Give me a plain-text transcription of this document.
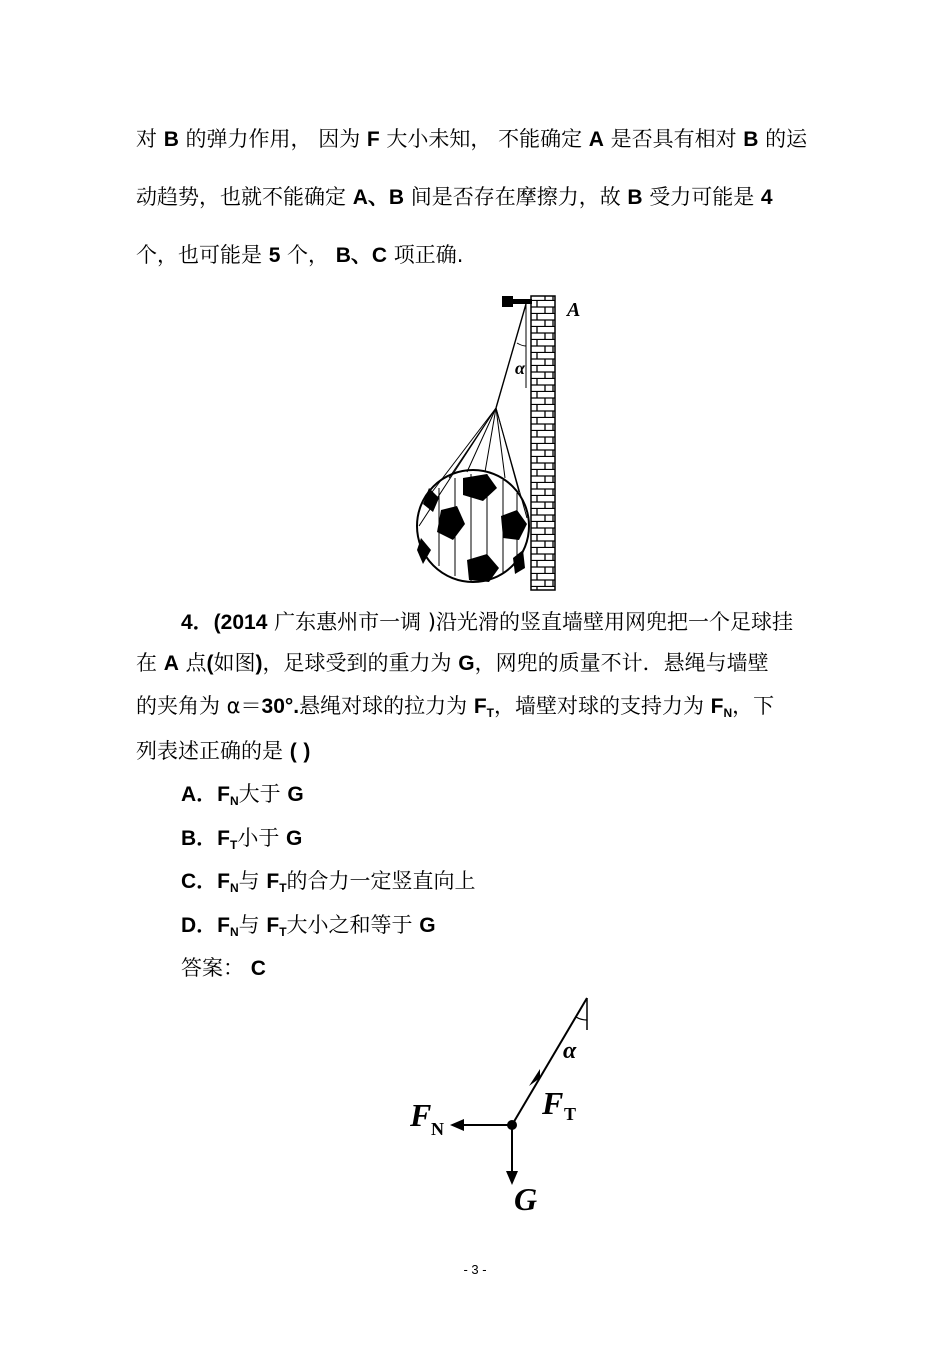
对 B 的弹力作用， 因为 F 大小未知， 不能确定 A 是否具有相对 B 的运
动趋势，也就不能确定 A、B 间是否存在摩擦力，故 B 受力可能是 4
个，也可能是 5 个， B、C 项正确.
α
A
4．(2014 广东惠州市一调 )沿光滑的竖直墙壁用网兜把一个足球挂
在 A 点(如图)，足球受到的重力为 G，网兜的质量不计．悬绳与墙壁
的夹角为 α＝30°.悬绳对球的拉力为 $F_T$，墙壁对球的支持力为 $F_N$，下
列表述正确的是 ( )
A．$F_N$大于 G
B．$F_T$小于 G
C．$F_N$与 $F_T$的合力一定竖直向上
D．$F_N$与 $F_T$大小之和等于 G
答案： C
α
F T
F N
G
- 3 -
